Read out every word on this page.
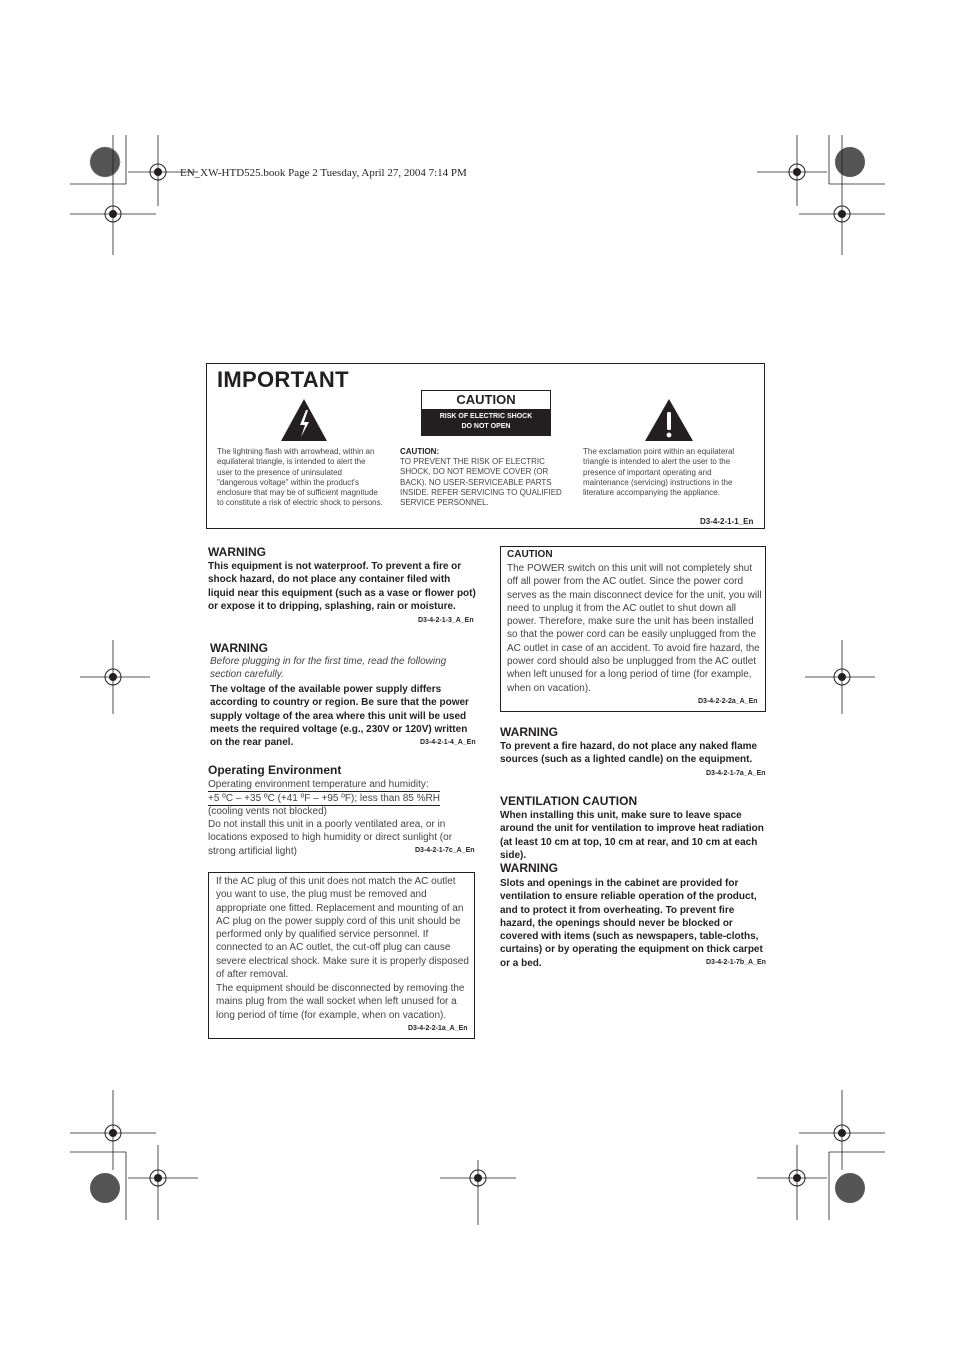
EN_XW-HTD525.book Page 2 Tuesday, April 27, 2004 7:14 PM
IMPORTANT
CAUTION
RISK OF ELECTRIC SHOCK
DO NOT OPEN
The lightning flash with arrowhead, within an equilateral triangle, is intended to alert the user to the presence of uninsulated "dangerous voltage" within the product's enclosure that may be of sufficient magnitude to constitute a risk of electric shock to persons.
CAUTION:
TO PREVENT THE RISK OF ELECTRIC SHOCK, DO NOT REMOVE COVER (OR BACK). NO USER-SERVICEABLE PARTS INSIDE. REFER SERVICING TO QUALIFIED SERVICE PERSONNEL.
The exclamation point within an equilateral triangle is intended to alert the user to the presence of important operating and maintenance (servicing) instructions in the literature accompanying the appliance.
D3-4-2-1-1_En
WARNING
This equipment is not waterproof. To prevent a fire or shock hazard, do not place any container filed with liquid near this equipment (such as a vase or flower pot) or expose it to dripping, splashing, rain or moisture.
D3-4-2-1-3_A_En
WARNING
Before plugging in for the first time, read the following section carefully.
The voltage of the available power supply differs according to country or region. Be sure that the power supply voltage of the area where this unit will be used meets the required voltage (e.g., 230V or 120V) written on the rear panel.	D3-4-2-1-4_A_En
Operating Environment
Operating environment temperature and humidity:
+5 ºC – +35 ºC (+41 ºF – +95 ºF); less than 85 %RH
(cooling vents not blocked)
Do not install this unit in a poorly ventilated area, or in locations exposed to high humidity or direct sunlight (or strong artificial light)	D3-4-2-1-7c_A_En
If the AC plug of this unit does not match the AC outlet you want to use, the plug must be removed and appropriate one fitted. Replacement and mounting of an AC plug on the power supply cord of this unit should be performed only by qualified service personnel. If connected to an AC outlet, the cut-off plug can cause severe electrical shock. Make sure it is properly disposed of after removal.
The equipment should be disconnected by removing the mains plug from the wall socket when left unused for a long period of time (for example, when on vacation).
D3-4-2-2-1a_A_En
CAUTION
The POWER switch on this unit will not completely shut off all power from the AC outlet. Since the power cord serves as the main disconnect device for the unit, you will need to unplug it from the AC outlet to shut down all power. Therefore, make sure the unit has been installed so that the power cord can be easily unplugged from the AC outlet in case of an accident. To avoid fire hazard, the power cord should also be unplugged from the AC outlet when left unused for a long period of time (for example, when on vacation).
D3-4-2-2-2a_A_En
WARNING
To prevent a fire hazard, do not place any naked flame sources (such as a lighted candle) on the equipment.
D3-4-2-1-7a_A_En
VENTILATION CAUTION
When installing this unit, make sure to leave space around the unit for ventilation to improve heat radiation (at least 10 cm at top, 10 cm at rear, and 10 cm at each side).
WARNING
Slots and openings in the cabinet are provided for ventilation to ensure reliable operation of the product, and to protect it from overheating. To prevent fire hazard, the openings should never be blocked or covered with items (such as newspapers, table-cloths, curtains) or by operating the equipment on thick carpet or a bed.	D3-4-2-1-7b_A_En
